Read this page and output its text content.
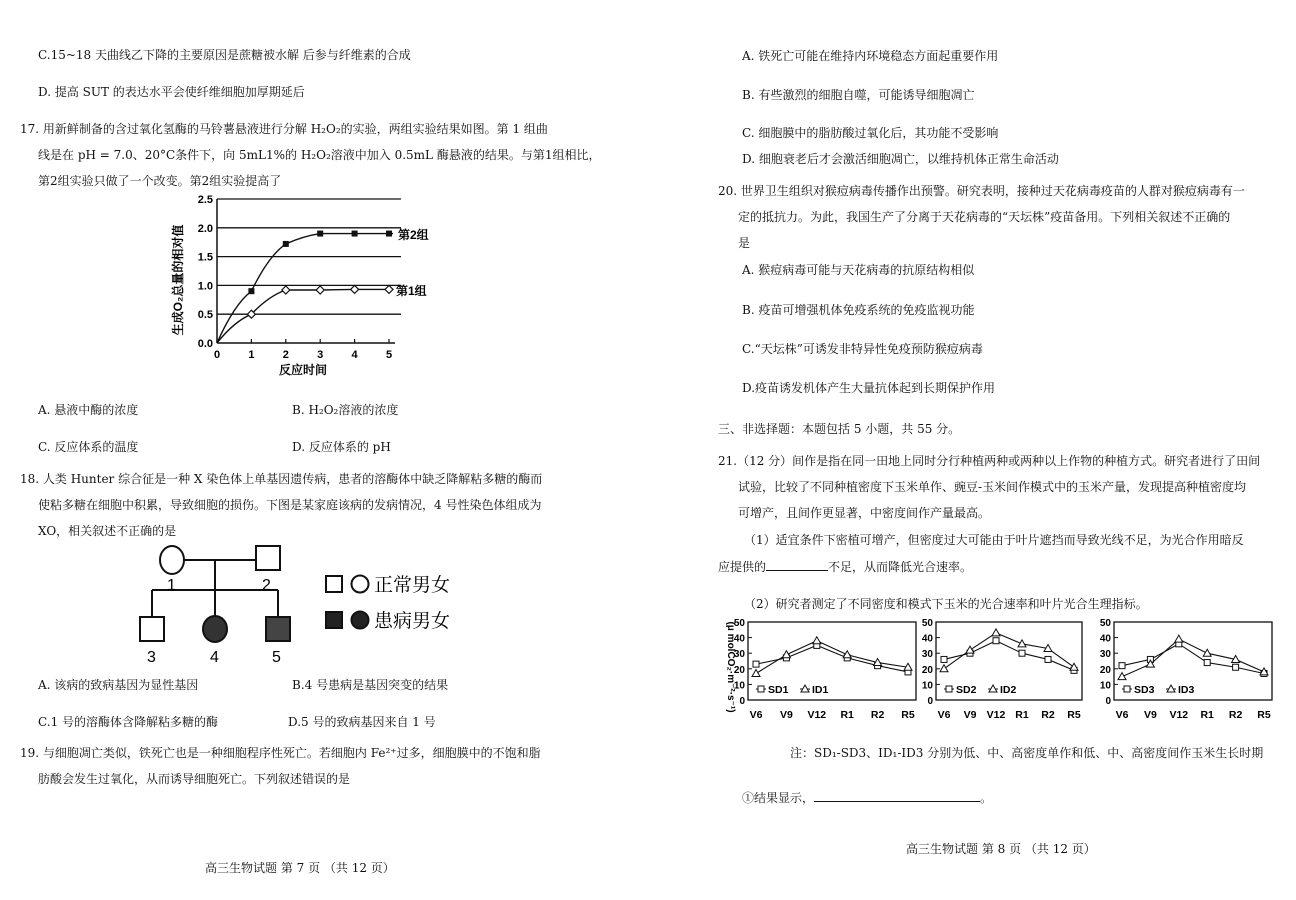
C.15~18 天曲线乙下降的主要原因是蔗糖被水解 后参与纤维素的合成
D. 提高 SUT 的表达水平会使纤维细胞加厚期延后
17. 用新鲜制备的含过氧化氢酶的马铃薯悬液进行分解 H₂O₂的实验，两组实验结果如图。第 1 组曲
线是在 pH = 7.0、20°C条件下，向 5mL1%的 H₂O₂溶液中加入 0.5mL 酶悬液的结果。与第1组相比，
第2组实验只做了一个改变。第2组实验提高了
0.0
0.5
1.0
1.5
2.0
2.5
0	1	2	3	4	5
生成O₂总量的相对值
反应时间
第2组
第1组
A. 悬液中酶的浓度	B. H₂O₂溶液的浓度
C. 反应体系的温度	D. 反应体系的 pH
18. 人类 Hunter 综合征是一种 X 染色体上单基因遗传病，患者的溶酶体中缺乏降解粘多糖的酶而
使粘多糖在细胞中积累，导致细胞的损伤。下图是某家庭该病的发病情况，4 号性染色体组成为
XO，相关叙述不正确的是
1	2
3	4	5
正常男女
患病男女
A. 该病的致病基因为显性基因	B.4 号患病是基因突变的结果
C.1 号的溶酶体含降解粘多糖的酶	D.5 号的致病基因来自 1 号
19. 与细胞凋亡类似，铁死亡也是一种细胞程序性死亡。若细胞内 Fe²⁺过多，细胞膜中的不饱和脂
肪酸会发生过氧化，从而诱导细胞死亡。下列叙述错误的是
高三生物试题 第 7 页 （共 12 页）
A. 铁死亡可能在维持内环境稳态方面起重要作用
B. 有些激烈的细胞自噬，可能诱导细胞凋亡
C. 细胞膜中的脂肪酸过氧化后，其功能不受影响
D. 细胞衰老后才会激活细胞凋亡，以维持机体正常生命活动
20. 世界卫生组织对猴痘病毒传播作出预警。研究表明，接种过天花病毒疫苗的人群对猴痘病毒有一
定的抵抗力。为此，我国生产了分离于天花病毒的“天坛株”疫苗备用。下列相关叙述不正确的
是
A. 猴痘病毒可能与天花病毒的抗原结构相似
B. 疫苗可增强机体免疫系统的免疫监视功能
C.“天坛株”可诱发非特异性免疫预防猴痘病毒
D.疫苗诱发机体产生大量抗体起到长期保护作用
三、非选择题：本题包括 5 小题，共 55 分。
21.（12 分）间作是指在同一田地上同时分行种植两种或两种以上作物的种植方式。研究者进行了田间
试验，比较了不同种植密度下玉米单作、豌豆-玉米间作模式中的玉米产量，发现提高种植密度均
可增产，且间作更显著，中密度间作产量最高。
（1）适宜条件下密植可增产，但密度过大可能由于叶片遮挡而导致光线不足，为光合作用暗反
应提供的	不足，从而降低光合速率。
（2）研究者测定了不同密度和模式下玉米的光合速率和叶片光合生理指标。
(μ molCO₂·m⁻²·s⁻¹) 0
10
20
30
40
50
V6 V9 V12 R1 R2 R5
SD1 ID1
0
10
20
30
40
50
V6 V9 V12 R1 R2 R5
SD2 ID2
0
10
20
30
40
50
V6 V9 V12 R1 R2 R5
SD3 ID3
注：SD₁-SD3、ID₁-ID3 分别为低、中、高密度单作和低、中、高密度间作玉米生长时期
①结果显示，	。
高三生物试题 第 8 页 （共 12 页）
